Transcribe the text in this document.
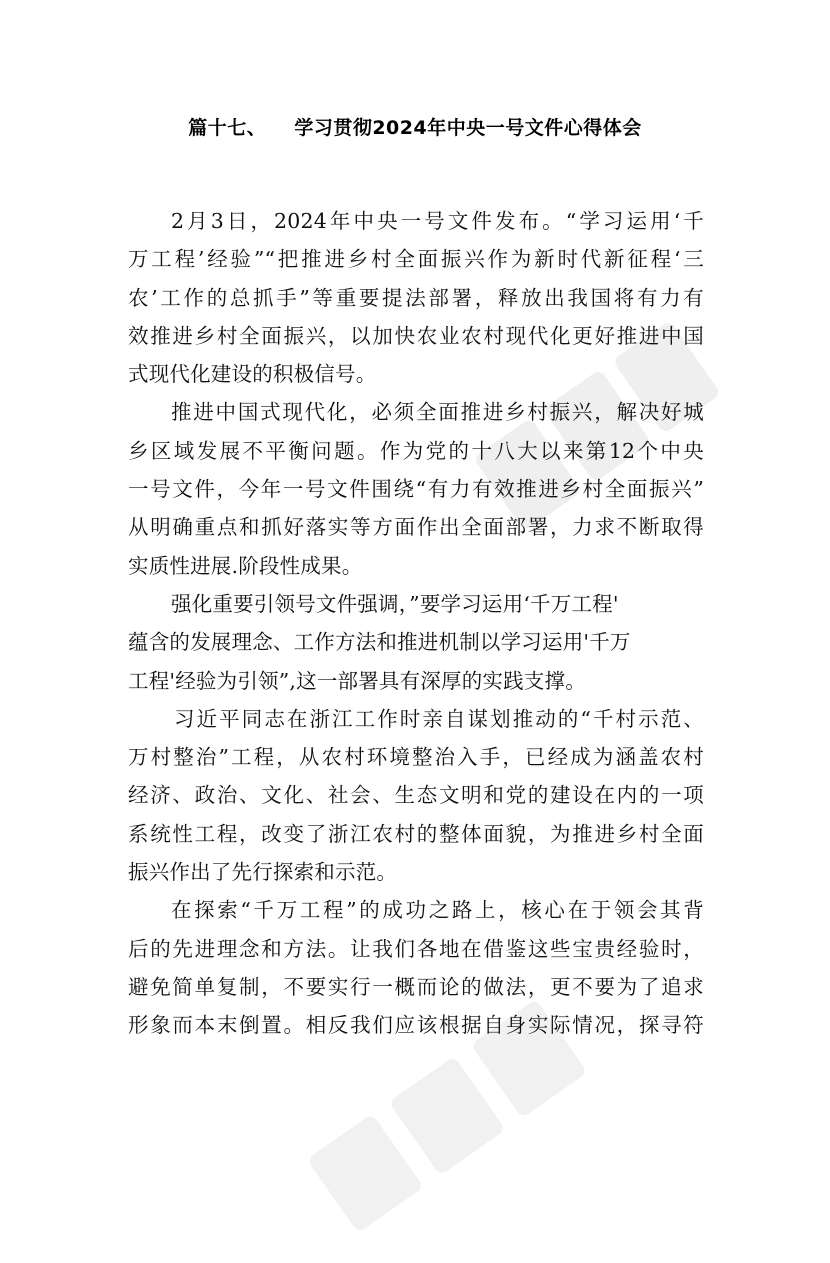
篇十七、 学习贯彻2024年中央一号文件心得体会
2月3日，2024年中央一号文件发布。“学习运用‘千
万工程’经验”“把推进乡村全面振兴作为新时代新征程‘三
农’工作的总抓手”等重要提法部署，释放出我国将有力有
效推进乡村全面振兴，以加快农业农村现代化更好推进中国
式现代化建设的积极信号。
推进中国式现代化，必须全面推进乡村振兴，解决好城
乡区域发展不平衡问题。作为党的十八大以来第12个中央
一号文件，今年一号文件围绕“有力有效推进乡村全面振兴”
从明确重点和抓好落实等方面作出全面部署，力求不断取得
实质性进展.阶段性成果。
强化重要引领号文件强调，”要学习运用‘千万工程'
蕴含的发展理念、工作方法和推进机制以学习运用'千万
工程'经验为引领”,这一部署具有深厚的实践支撑。
习近平同志在浙江工作时亲自谋划推动的“千村示范、
万村整治”工程，从农村环境整治入手，已经成为涵盖农村
经济、政治、文化、社会、生态文明和党的建设在内的一项
系统性工程，改变了浙江农村的整体面貌，为推进乡村全面
振兴作出了先行探索和示范。
在探索“千万工程”的成功之路上，核心在于领会其背
后的先进理念和方法。让我们各地在借鉴这些宝贵经验时，
避免简单复制，不要实行一概而论的做法，更不要为了追求
形象而本末倒置。相反我们应该根据自身实际情况，探寻符
